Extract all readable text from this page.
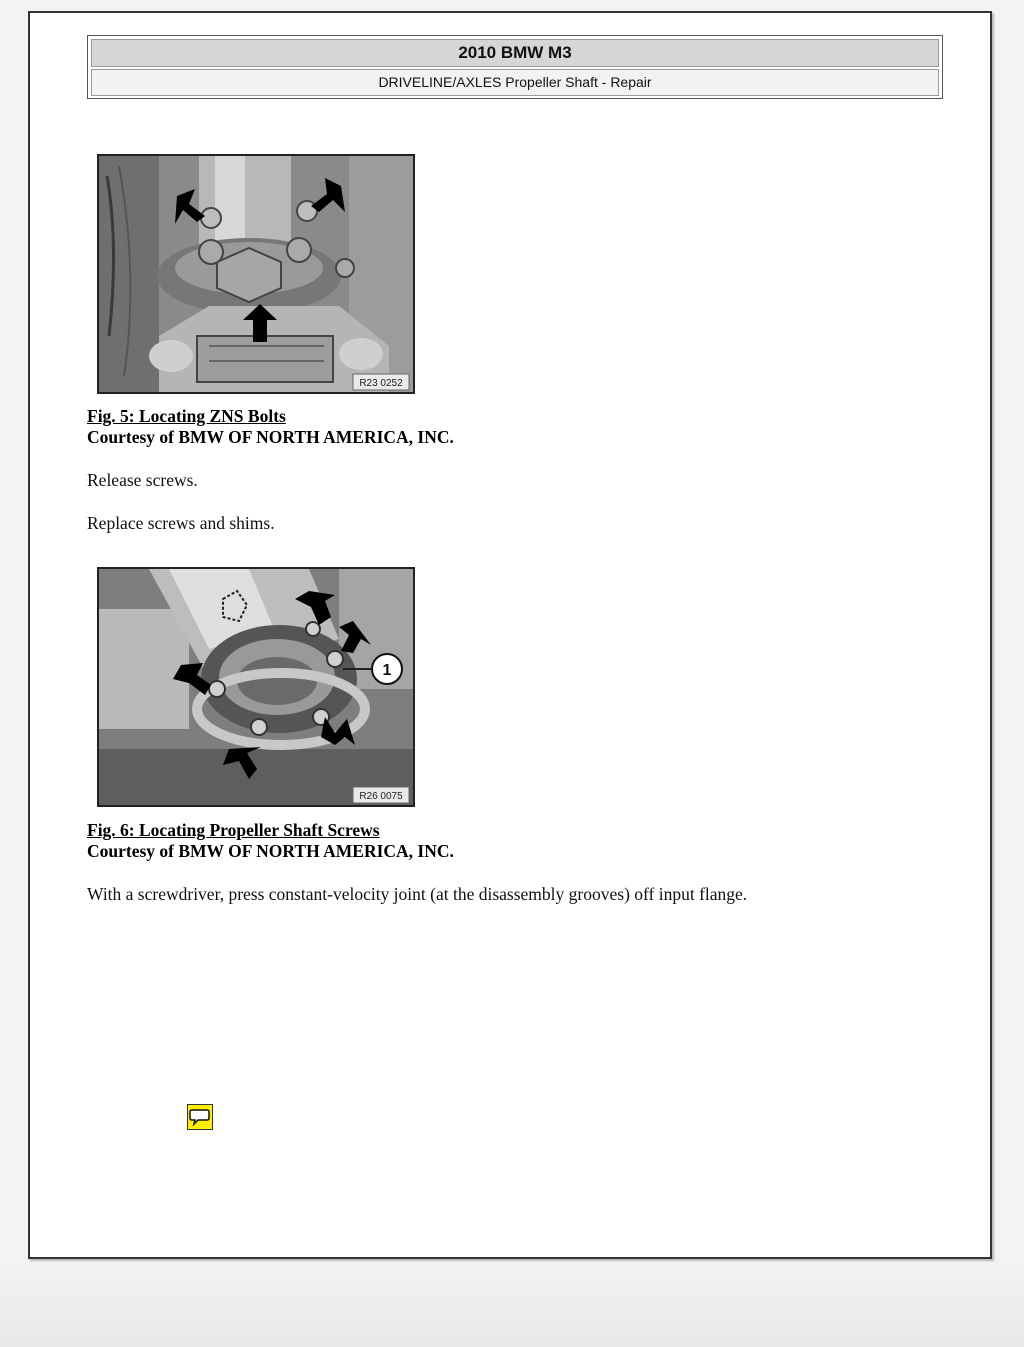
2010 BMW M3
DRIVELINE/AXLES Propeller Shaft - Repair
R23 0252
Fig. 5: Locating ZNS Bolts
Courtesy of BMW OF NORTH AMERICA, INC.
Release screws.
Replace screws and shims.
1
R26 0075
Fig. 6: Locating Propeller Shaft Screws
Courtesy of BMW OF NORTH AMERICA, INC.
With a screwdriver, press constant-velocity joint (at the disassembly grooves) off input flange.
